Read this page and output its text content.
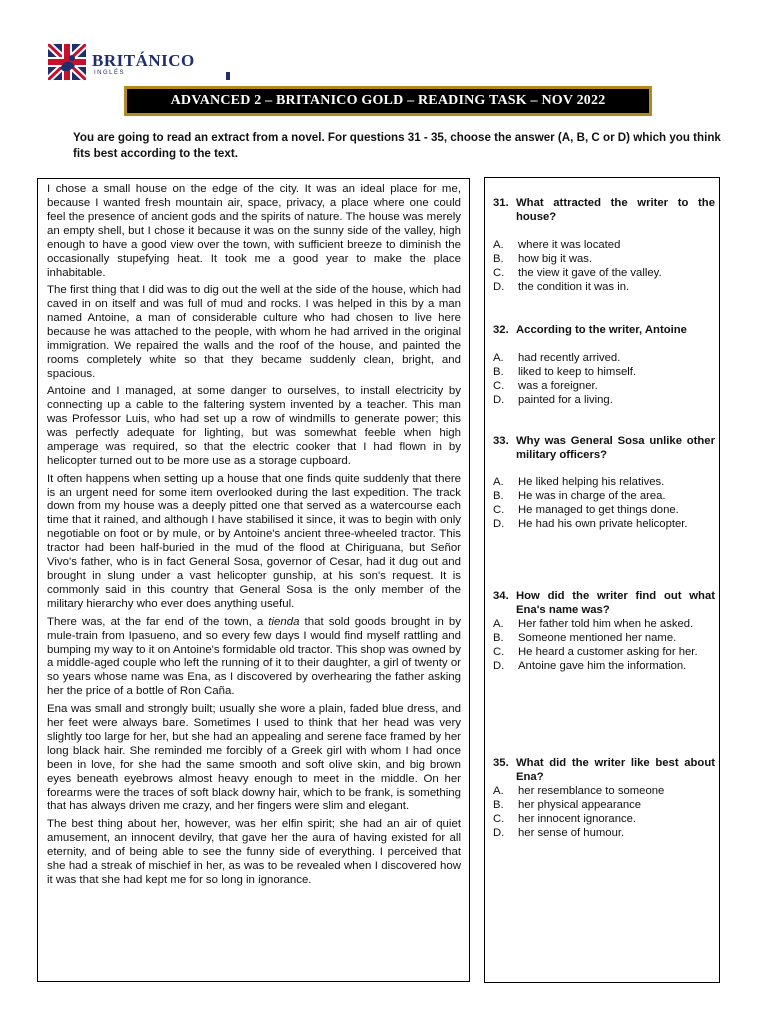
BRITÁNICO
INGLÉS
ADVANCED 2 – BRITANICO GOLD – READING TASK – NOV 2022
You are going to read an extract from a novel. For questions 31 - 35, choose the answer (A, B, C or D) which you think fits best according to the text.

I chose a small house on the edge of the city. It was an ideal place for me, because I wanted fresh mountain air, space, privacy, a place where one could feel the presence of ancient gods and the spirits of nature. The house was merely an empty shell, but I chose it because it was on the sunny side of the valley, high enough to have a good view over the town, with sufficient breeze to diminish the occasionally stupefying heat. It took me a good year to make the place inhabitable.

The first thing that I did was to dig out the well at the side of the house, which had caved in on itself and was full of mud and rocks. I was helped in this by a man named Antoine, a man of considerable culture who had chosen to live here because he was attached to the people, with whom he had arrived in the original immigration. We repaired the walls and the roof of the house, and painted the rooms completely white so that they became suddenly clean, bright, and spacious.

Antoine and I managed, at some danger to ourselves, to install electricity by connecting up a cable to the faltering system invented by a teacher. This man was Professor Luis, who had set up a row of windmills to generate power; this was perfectly adequate for lighting, but was somewhat feeble when high amperage was required, so that the electric cooker that I had flown in by helicopter turned out to be more use as a storage cupboard.

It often happens when setting up a house that one finds quite suddenly that there is an urgent need for some item overlooked during the last expedition. The track down from my house was a deeply pitted one that served as a watercourse each time that it rained, and although I have stabilised it since, it was to begin with only negotiable on foot or by mule, or by Antoine's ancient three-wheeled tractor. This tractor had been half-buried in the mud of the flood at Chiriguana, but Señor Vivo's father, who is in fact General Sosa, governor of Cesar, had it dug out and brought in slung under a vast helicopter gunship, at his son's request. It is commonly said in this country that General Sosa is the only member of the military hierarchy who ever does anything useful.

There was, at the far end of the town, a tienda that sold goods brought in by mule-train from Ipasueno, and so every few days I would find myself rattling and bumping my way to it on Antoine's formidable old tractor. This shop was owned by a middle-aged couple who left the running of it to their daughter, a girl of twenty or so years whose name was Ena, as I discovered by overhearing the father asking her the price of a bottle of Ron Caña.

Ena was small and strongly built; usually she wore a plain, faded blue dress, and her feet were always bare. Sometimes I used to think that her head was very slightly too large for her, but she had an appealing and serene face framed by her long black hair. She reminded me forcibly of a Greek girl with whom I had once been in love, for she had the same smooth and soft olive skin, and big brown eyes beneath eyebrows almost heavy enough to meet in the middle. On her forearms were the traces of soft black downy hair, which to be frank, is something that has always driven me crazy, and her fingers were slim and elegant.

The best thing about her, however, was her elfin spirit; she had an air of quiet amusement, an innocent devilry, that gave her the aura of having existed for all eternity, and of being able to see the funny side of everything. I perceived that she had a streak of mischief in her, as was to be revealed when I discovered how it was that she had kept me for so long in ignorance.

31. What attracted the writer to the house?
A.	where it was located
B.	how big it was.
C.	the view it gave of the valley.
D.	the condition it was in.
32. According to the writer, Antoine
A.	had recently arrived.
B.	liked to keep to himself.
C.	was a foreigner.
D.	painted for a living.
33. Why was General Sosa unlike other military officers?
A.	He liked helping his relatives.
B.	He was in charge of the area.
C.	He managed to get things done.
D.	He had his own private helicopter.
34. How did the writer find out what Ena's name was?
A.	Her father told him when he asked.
B.	Someone mentioned her name.
C.	He heard a customer asking for her.
D.	Antoine gave him the information.
35. What did the writer like best about Ena?
A.	her resemblance to someone
B.	her physical appearance
C.	her innocent ignorance.
D.	her sense of humour.
